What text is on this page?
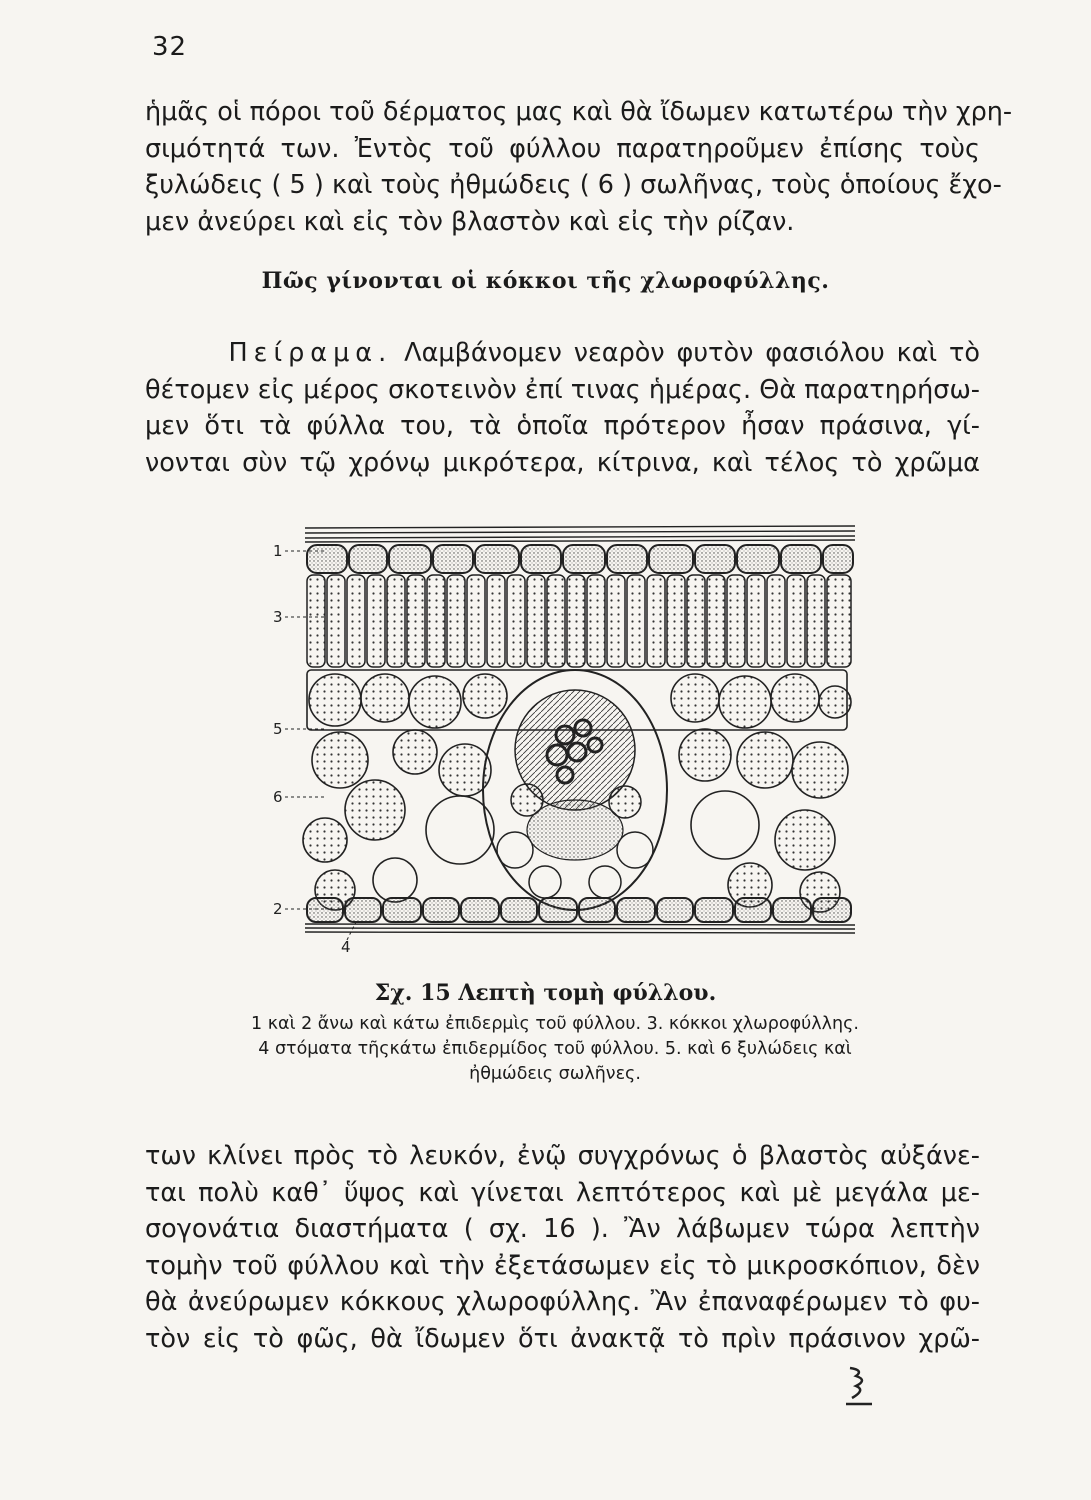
32

ἡμᾶς οἱ πόροι τοῦ δέρματος μας καὶ θὰ ἴδωμεν κατωτέρω τὴν χρη-
σιμότητά των. Ἐντὸς τοῦ φύλλου παρατηροῦμεν ἐπίσης τοὺς
ξυλώδεις ( 5 ) καὶ τοὺς ἠθμώδεις ( 6 ) σωλῆνας, τοὺς ὁποίους ἔχο-
μεν ἀνεύρει καὶ εἰς τὸν βλαστὸν καὶ εἰς τὴν ρίζαν.

Πῶς γίνονται οἱ κόκκοι τῆς χλωροφύλλης.

Πείραμα. Λαμβάνομεν νεαρὸν φυτὸν φασιόλου καὶ τὸ
θέτομεν εἰς μέρος σκοτεινὸν ἐπί τινας ἡμέρας. Θὰ παρατηρήσω-
μεν ὅτι τὰ φύλλα του, τὰ ὁποῖα πρότερον ἦσαν πράσινα, γί-
νονται σὺν τῷ χρόνῳ μικρότερα, κίτρινα, καὶ τέλος τὸ χρῶμα

1
3
5
6
2
4
Σχ. 15 Λεπτὴ τομὴ φύλλου.
1 καὶ 2 ἄνω καὶ κάτω ἐπιδερμὶς τοῦ φύλλου. 3. κόκκοι χλωροφύλλης.
4 στόματα τῆςκάτω ἐπιδερμίδος τοῦ φύλλου. 5. καὶ 6 ξυλώδεις καὶ
ἠθμώδεις σωλῆνες.

των κλίνει πρὸς τὸ λευκόν, ἐνῷ συγχρόνως ὁ βλαστὸς αὐξάνε-
ται πολὺ καθ᾽ ὕψος καὶ γίνεται λεπτότερος καὶ μὲ μεγάλα με-
σογονάτια διαστήματα ( σχ. 16 ). Ἂν λάβωμεν τώρα λεπτὴν
τομὴν τοῦ φύλλου καὶ τὴν ἐξετάσωμεν εἰς τὸ μικροσκόπιον, δὲν
θὰ ἀνεύρωμεν κόκκους χλωροφύλλης. Ἂν ἐπαναφέρωμεν τὸ φυ-
τὸν εἰς τὸ φῶς, θὰ ἴδωμεν ὅτι ἀνακτᾷ τὸ πρὶν πράσινον χρῶ-
